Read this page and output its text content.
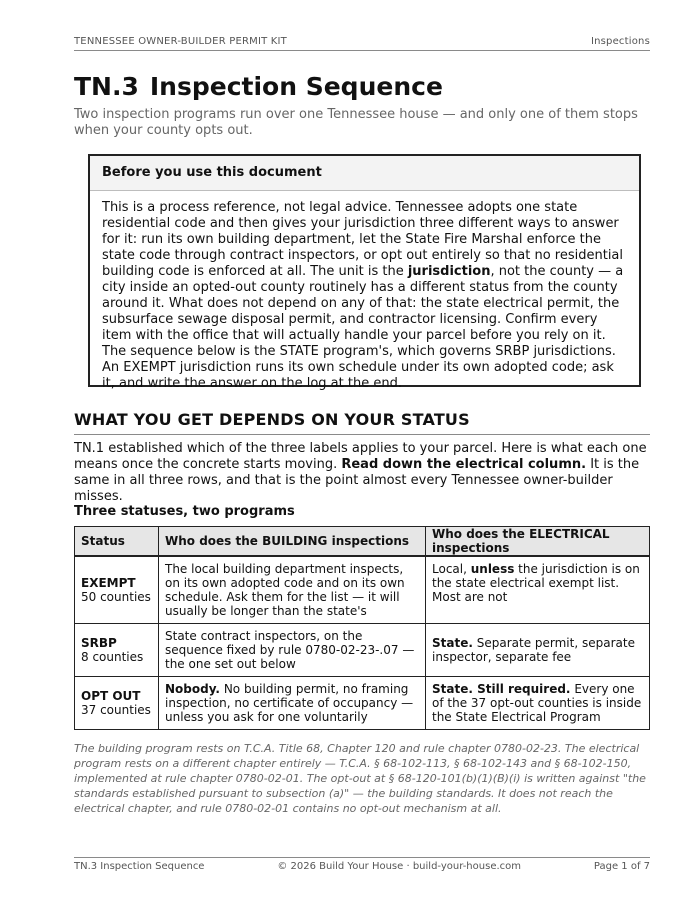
TENNESSEE OWNER-BUILDER PERMIT KIT	Inspections
TN.3 Inspection Sequence

Two inspection programs run over one Tennessee house — and only one of them stops when your county opts out.

Before you use this document

This is a process reference, not legal advice. Tennessee adopts one state residential code and then gives your jurisdiction three different ways to answer for it: run its own building department, let the State Fire Marshal enforce the state code through contract inspectors, or opt out entirely so that no residential building code is enforced at all. The unit is the jurisdiction, not the county — a city inside an opted-out county routinely has a different status from the county around it. What does not depend on any of that: the state electrical permit, the subsurface sewage disposal permit, and contractor licensing. Confirm every item with the office that will actually handle your parcel before you rely on it. The sequence below is the STATE program's, which governs SRBP jurisdictions. An EXEMPT jurisdiction runs its own schedule under its own adopted code; ask it, and write the answer on the log at the end.

WHAT YOU GET DEPENDS ON YOUR STATUS

TN.1 established which of the three labels applies to your parcel. Here is what each one means once the concrete starts moving. Read down the electrical column. It is the same in all three rows, and that is the point almost every Tennessee owner-builder misses.

Three statuses, two programs

Status	Who does the BUILDING inspections	Who does the ELECTRICAL inspections

EXEMPT
50 counties	The local building department inspects, on its own adopted code and on its own schedule. Ask them for the list — it will usually be longer than the state's	Local, unless the jurisdiction is on the state electrical exempt list. Most are not

SRBP
8 counties	State contract inspectors, on the sequence fixed by rule 0780-02-23-.07 — the one set out below	State. Separate permit, separate inspector, separate fee

OPT OUT
37 counties	Nobody. No building permit, no framing inspection, no certificate of occupancy — unless you ask for one voluntarily	State. Still required. Every one of the 37 opt-out counties is inside the State Electrical Program

The building program rests on T.C.A. Title 68, Chapter 120 and rule chapter 0780-02-23. The electrical program rests on a different chapter entirely — T.C.A. § 68-102-113, § 68-102-143 and § 68-102-150, implemented at rule chapter 0780-02-01. The opt-out at § 68-120-101(b)(1)(B)(i) is written against "the standards established pursuant to subsection (a)" — the building standards. It does not reach the electrical chapter, and rule 0780-02-01 contains no opt-out mechanism at all.

TN.3 Inspection Sequence	© 2026 Build Your House · build-your-house.com	Page 1 of 7
